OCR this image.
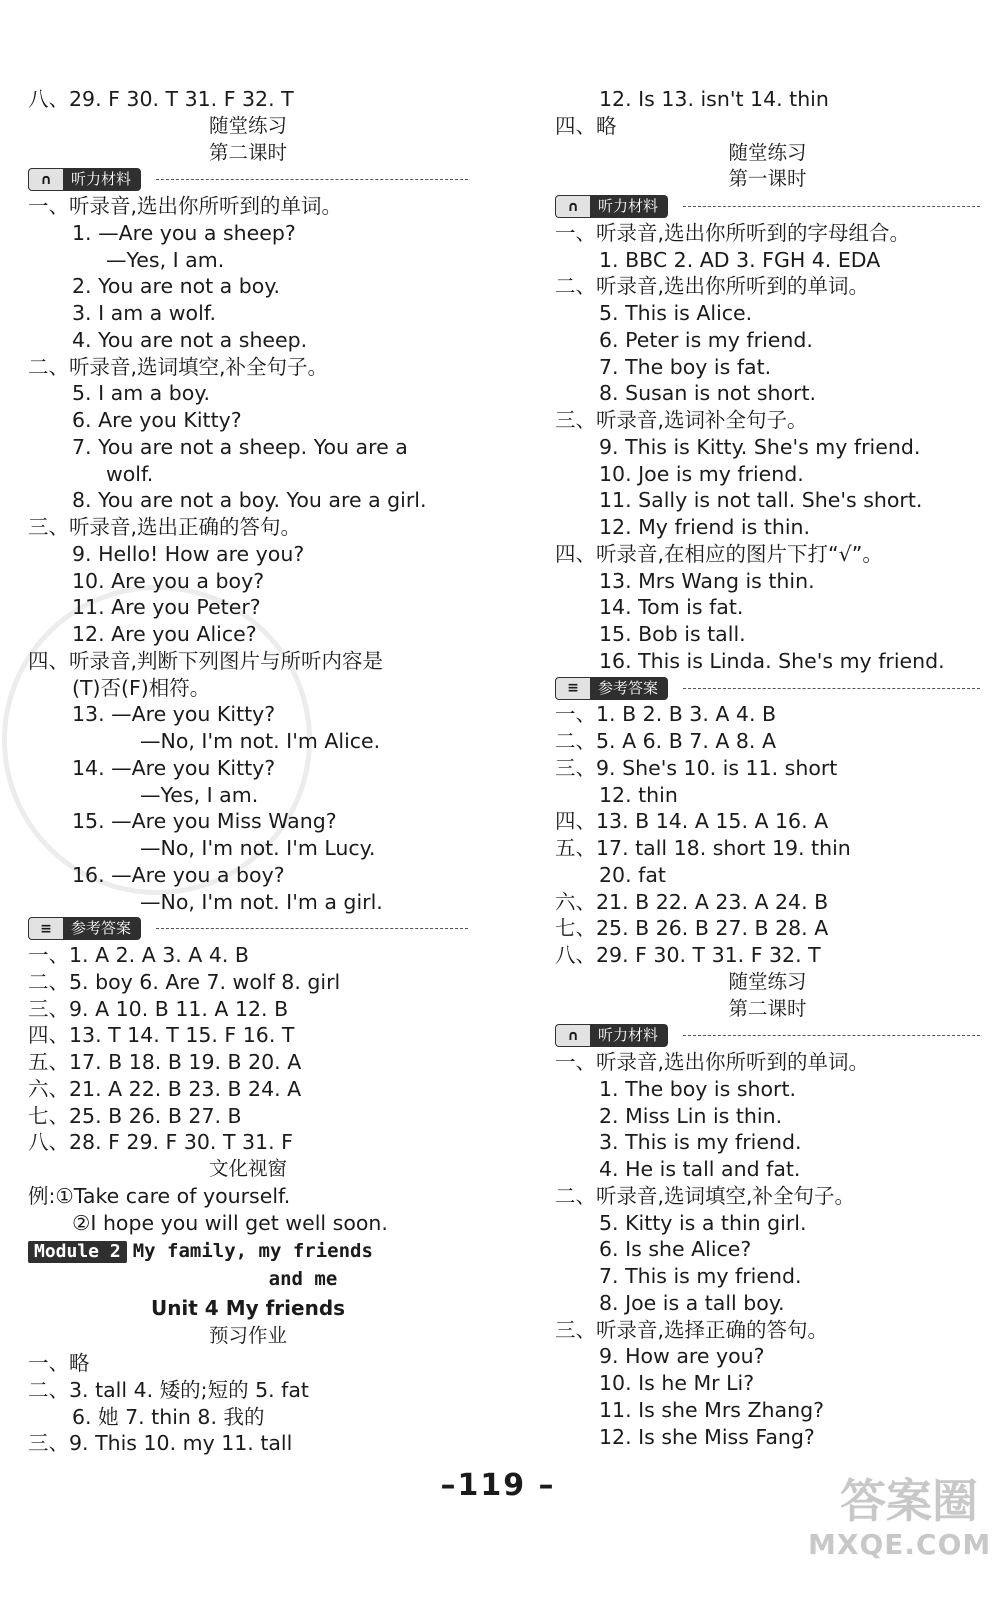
八、29. F 30. T 31. F 32. T
随堂练习
第二课时
∩	听力材料
一、听录音,选出你所听到的单词。
1. —Are you a sheep?
—Yes, I am.
2. You are not a boy.
3. I am a wolf.
4. You are not a sheep.
二、听录音,选词填空,补全句子。
5. I am a boy.
6. Are you Kitty?
7. You are not a sheep. You are a
wolf.
8. You are not a boy. You are a girl.
三、听录音,选出正确的答句。
9. Hello! How are you?
10. Are you a boy?
11. Are you Peter?
12. Are you Alice?
四、听录音,判断下列图片与所听内容是
(T)否(F)相符。
13. —Are you Kitty?
—No, I'm not. I'm Alice.
14. —Are you Kitty?
—Yes, I am.
15. —Are you Miss Wang?
—No, I'm not. I'm Lucy.
16. —Are you a boy?
—No, I'm not. I'm a girl.
≡	参考答案
一、1. A 2. A 3. A 4. B
二、5. boy 6. Are 7. wolf 8. girl
三、9. A 10. B 11. A 12. B
四、13. T 14. T 15. F 16. T
五、17. B 18. B 19. B 20. A
六、21. A 22. B 23. B 24. A
七、25. B 26. B 27. B
八、28. F 29. F 30. T 31. F
文化视窗
例:①Take care of yourself.
②I hope you will get well soon.
Module 2 My family, my friends
and me
Unit 4 My friends
预习作业
一、略
二、3. tall 4. 矮的;短的 5. fat
6. 她 7. thin 8. 我的
三、9. This 10. my 11. tall
12. Is 13. isn't 14. thin
四、略
随堂练习
第一课时
∩	听力材料
一、听录音,选出你所听到的字母组合。
1. BBC 2. AD 3. FGH 4. EDA
二、听录音,选出你所听到的单词。
5. This is Alice.
6. Peter is my friend.
7. The boy is fat.
8. Susan is not short.
三、听录音,选词补全句子。
9. This is Kitty. She's my friend.
10. Joe is my friend.
11. Sally is not tall. She's short.
12. My friend is thin.
四、听录音,在相应的图片下打“√”。
13. Mrs Wang is thin.
14. Tom is fat.
15. Bob is tall.
16. This is Linda. She's my friend.
≡	参考答案
一、1. B 2. B 3. A 4. B
二、5. A 6. B 7. A 8. A
三、9. She's 10. is 11. short
12. thin
四、13. B 14. A 15. A 16. A
五、17. tall 18. short 19. thin
20. fat
六、21. B 22. A 23. A 24. B
七、25. B 26. B 27. B 28. A
八、29. F 30. T 31. F 32. T
随堂练习
第二课时
∩	听力材料
一、听录音,选出你所听到的单词。
1. The boy is short.
2. Miss Lin is thin.
3. This is my friend.
4. He is tall and fat.
二、听录音,选词填空,补全句子。
5. Kitty is a thin girl.
6. Is she Alice?
7. This is my friend.
8. Joe is a tall boy.
三、听录音,选择正确的答句。
9. How are you?
10. Is he Mr Li?
11. Is she Mrs Zhang?
12. Is she Miss Fang?
–119 –	答案圈
MXQE.COM
